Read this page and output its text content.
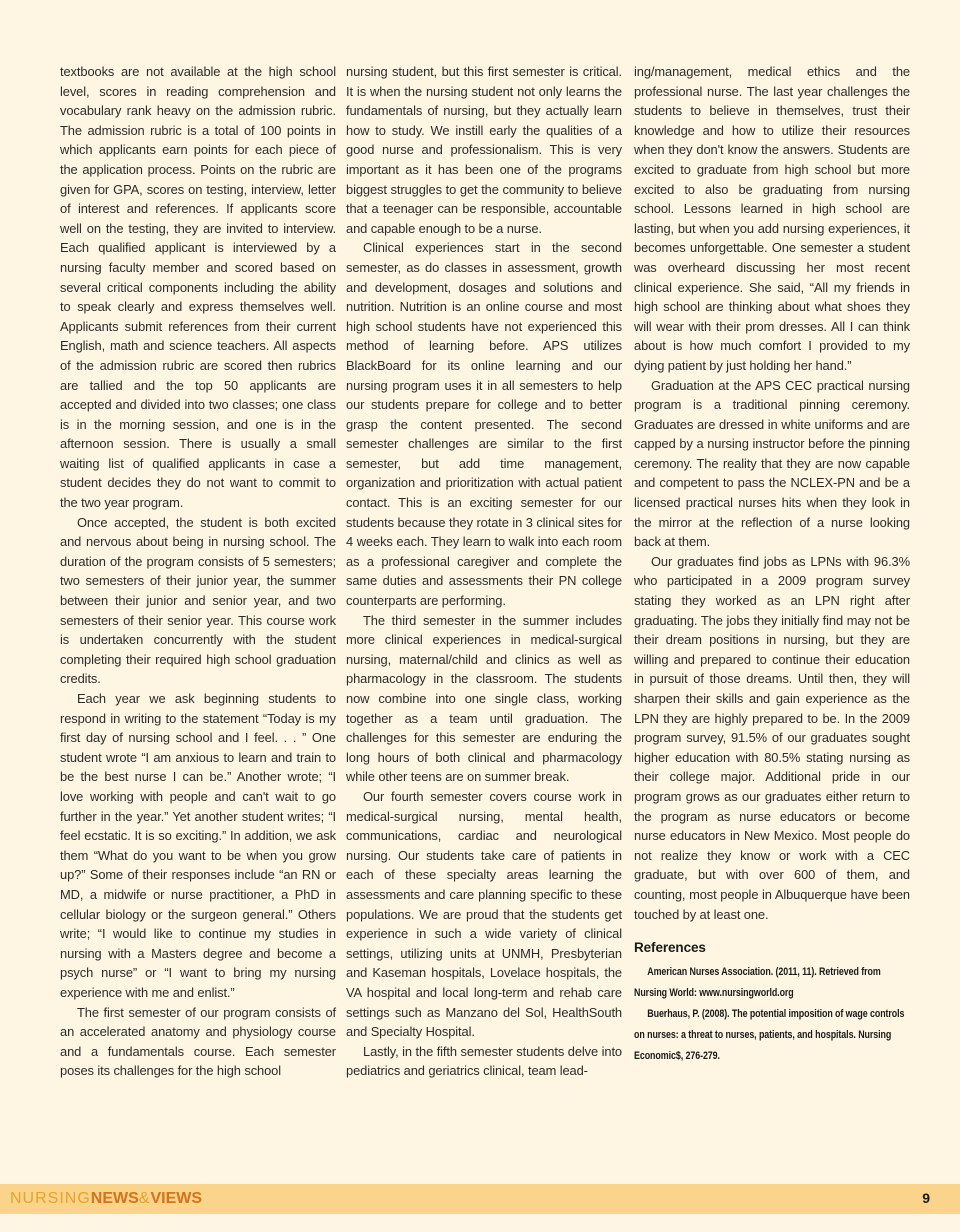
textbooks are not available at the high school level, scores in reading comprehension and vocabulary rank heavy on the admission rubric. The admission rubric is a total of 100 points in which applicants earn points for each piece of the application process. Points on the rubric are given for GPA, scores on testing, interview, letter of interest and references. If applicants score well on the testing, they are invited to interview. Each qualified applicant is interviewed by a nursing faculty member and scored based on several critical components including the ability to speak clearly and express themselves well. Applicants submit references from their current English, math and science teachers. All aspects of the admission rubric are scored then rubrics are tallied and the top 50 applicants are accepted and divided into two classes; one class is in the morning session, and one is in the afternoon session. There is usually a small waiting list of qualified applicants in case a student decides they do not want to commit to the two year program.

Once accepted, the student is both excited and nervous about being in nursing school. The duration of the program consists of 5 semesters; two semesters of their junior year, the summer between their junior and senior year, and two semesters of their senior year. This course work is undertaken concurrently with the student completing their required high school graduation credits.

Each year we ask beginning students to respond in writing to the statement “Today is my first day of nursing school and I feel. . . ” One student wrote “I am anxious to learn and train to be the best nurse I can be.” Another wrote; “I love working with people and can't wait to go further in the year.” Yet another student writes; “I feel ecstatic. It is so exciting.” In addition, we ask them “What do you want to be when you grow up?” Some of their responses include “an RN or MD, a midwife or nurse practitioner, a PhD in cellular biology or the surgeon general.” Others write; “I would like to continue my studies in nursing with a Masters degree and become a psych nurse” or “I want to bring my nursing experience with me and enlist.”

The first semester of our program consists of an accelerated anatomy and physiology course and a fundamentals course. Each semester poses its challenges for the high school

nursing student, but this first semester is critical. It is when the nursing student not only learns the fundamentals of nursing, but they actually learn how to study. We instill early the qualities of a good nurse and professionalism. This is very important as it has been one of the programs biggest struggles to get the community to believe that a teenager can be responsible, accountable and capable enough to be a nurse.

Clinical experiences start in the second semester, as do classes in assessment, growth and development, dosages and solutions and nutrition. Nutrition is an online course and most high school students have not experienced this method of learning before. APS utilizes BlackBoard for its online learning and our nursing program uses it in all semesters to help our students prepare for college and to better grasp the content presented. The second semester challenges are similar to the first semester, but add time management, organization and prioritization with actual patient contact. This is an exciting semester for our students because they rotate in 3 clinical sites for 4 weeks each. They learn to walk into each room as a professional caregiver and complete the same duties and assessments their PN college counterparts are performing.

The third semester in the summer includes more clinical experiences in medical-surgical nursing, maternal/child and clinics as well as pharmacology in the classroom. The students now combine into one single class, working together as a team until graduation. The challenges for this semester are enduring the long hours of both clinical and pharmacology while other teens are on summer break.

Our fourth semester covers course work in medical-surgical nursing, mental health, communications, cardiac and neurological nursing. Our students take care of patients in each of these specialty areas learning the assessments and care planning specific to these populations. We are proud that the students get experience in such a wide variety of clinical settings, utilizing units at UNMH, Presbyterian and Kaseman hospitals, Lovelace hospitals, the VA hospital and local long-term and rehab care settings such as Manzano del Sol, HealthSouth and Specialty Hospital.

Lastly, in the fifth semester students delve into pediatrics and geriatrics clinical, team lead-

ing/management, medical ethics and the professional nurse. The last year challenges the students to believe in themselves, trust their knowledge and how to utilize their resources when they don't know the answers. Students are excited to graduate from high school but more excited to also be graduating from nursing school. Lessons learned in high school are lasting, but when you add nursing experiences, it becomes unforgettable. One semester a student was overheard discussing her most recent clinical experience. She said, “All my friends in high school are thinking about what shoes they will wear with their prom dresses. All I can think about is how much comfort I provided to my dying patient by just holding her hand.”

Graduation at the APS CEC practical nursing program is a traditional pinning ceremony. Graduates are dressed in white uniforms and are capped by a nursing instructor before the pinning ceremony. The reality that they are now capable and competent to pass the NCLEX-PN and be a licensed practical nurses hits when they look in the mirror at the reflection of a nurse looking back at them.

Our graduates find jobs as LPNs with 96.3% who participated in a 2009 program survey stating they worked as an LPN right after graduating. The jobs they initially find may not be their dream positions in nursing, but they are willing and prepared to continue their education in pursuit of those dreams. Until then, they will sharpen their skills and gain experience as the LPN they are highly prepared to be. In the 2009 program survey, 91.5% of our graduates sought higher education with 80.5% stating nursing as their college major. Additional pride in our program grows as our graduates either return to the program as nurse educators or become nurse educators in New Mexico. Most people do not realize they know or work with a CEC graduate, but with over 600 of them, and counting, most people in Albuquerque have been touched by at least one.

References

American Nurses Association. (2011, 11). Retrieved from Nursing World: www.nursingworld.org

Buerhaus, P. (2008). The potential imposition of wage controls on nurses: a threat to nurses, patients, and hospitals. Nursing Economic$, 276-279.

NURSINGNEWS&VIEWS	9
